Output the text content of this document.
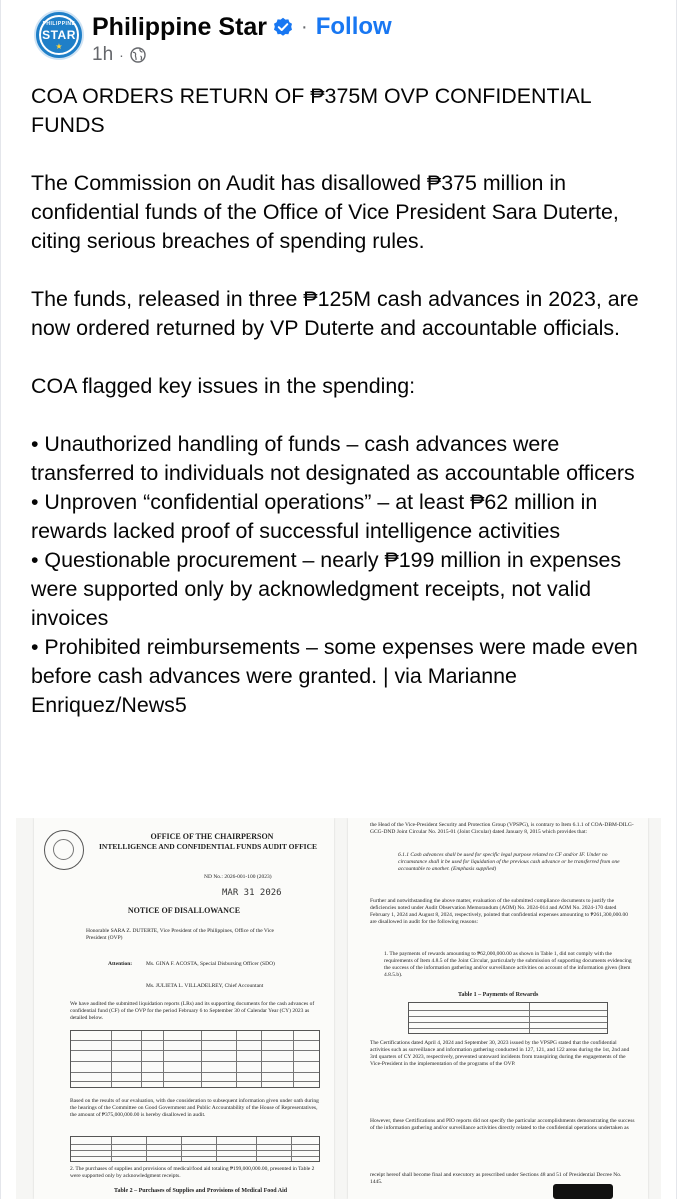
PHILIPPINE
STAR
★
Philippine Star · Follow
1h ·

COA ORDERS RETURN OF ₱375M OVP CONFIDENTIAL FUNDS

The Commission on Audit has disallowed ₱375 million in confidential funds of the Office of Vice President Sara Duterte, citing serious breaches of spending rules.

The funds, released in three ₱125M cash advances in 2023, are now ordered returned by VP Duterte and accountable officials.

COA flagged key issues in the spending:

• Unauthorized handling of funds – cash advances were transferred to individuals not designated as accountable officers

• Unproven “confidential operations” – at least ₱62 million in rewards lacked proof of successful intelligence activities

• Questionable procurement – nearly ₱199 million in expenses were supported only by acknowledgment receipts, not valid invoices

• Prohibited reimbursements – some expenses were made even before cash advances were granted. | via Marianne Enriquez/News5

OFFICE OF THE CHAIRPERSON
INTELLIGENCE AND CONFIDENTIAL FUNDS AUDIT OFFICE
ND No.: 2026-001-100 (2023)
MAR 31 2026
NOTICE OF DISALLOWANCE
Honorable SARA Z. DUTERTE, Vice President of the Philippines, Office of the Vice President (OVP)
Attention:	Ms. GINA F. ACOSTA, Special Disbursing Officer (SDO)
Ms. JULIETA L. VILLADELREY, Chief Accountant
We have audited the submitted liquidation reports (LRs) and its supporting documents for the cash advances of confidential fund (CF) of the OVP for the period February 6 to September 30 of Calendar Year (CY) 2023 as detailed below.
Based on the results of our evaluation, with due consideration to subsequent information given under oath during the hearings of the Committee on Good Government and Public Accountability of the House of Representatives, the amount of ₱375,000,000.00 is hereby disallowed in audit.
2. The purchases of supplies and provisions of medical/food aid totaling ₱199,000,000.00, presented in Table 2 were supported only by acknowledgment receipts.
Table 2 – Purchases of Supplies and Provisions of Medical Food Aid
the Head of the Vice-President Security and Protection Group (VPSPG), is contrary to Item 6.1.1 of COA-DBM-DILG-GCG-DND Joint Circular No. 2015-01 (Joint Circular) dated January 8, 2015 which provides that:
6.1.1 Cash advances shall be used for specific legal purpose related to CF and/or IF. Under no circumstance shall it be used for liquidation of the previous cash advance or be transferred from one accountable to another. (Emphasis supplied)
Further and notwithstanding the above matter, evaluation of the submitted compliance documents to justify the deficiencies noted under Audit Observation Memorandum (AOM) No. 2024-014 and AOM No. 2024-170 dated February 1, 2024 and August 8, 2024, respectively, pointed that confidential expenses amounting to ₱261,300,000.00 are disallowed in audit for the following reasons:
1. The payments of rewards amounting to ₱62,000,000.00 as shown in Table 1, did not comply with the requirements of Item 4.8.5 of the Joint Circular, particularly the submission of supporting documents evidencing the success of the information gathering and/or surveillance activities on account of the information given (Item 4.8.5.b).
Table 1 – Payments of Rewards
The Certifications dated April 4, 2024 and September 30, 2023 issued by the VPSPG stated that the confidential activities such as surveillance and information gathering conducted in 127, 121, and 122 areas during the 1st, 2nd and 3rd quarters of CY 2023, respectively, prevented untoward incidents from transpiring during the engagements of the Vice-President in the implementation of the programs of the OVP.
However, these Certifications and PIO reports did not specify the particular accomplishments demonstrating the success of the information gathering and/or surveillance activities directly related to the confidential operations undertaken as
receipt hereof shall become final and executory as prescribed under Sections 48 and 51 of Presidential Decree No. 1445.
